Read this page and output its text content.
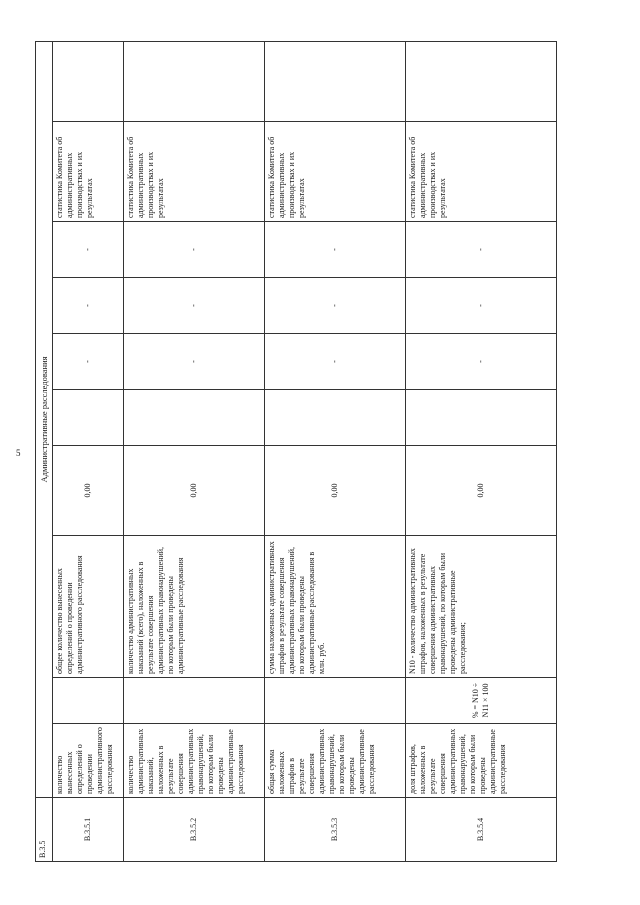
5
B.3.5	Административные расследования									
B.3.5.1	количество вынесенных определений о проведении административного расследования		общее количество вынесенных определений о проведении административного расследования	0,00		-	-	-	статистика Комитета об административных производствах и их результатах	
B.3.5.2	количество административных наказаний, наложенных в результате совершения административных правонарушений, по которым были проведены административные расследования		количество административных наказаний (всего), наложенных в результате совершения административных правонарушений, по которым были проведены административные расследования	0,00		-	-	-	статистика Комитета об административных производствах и их результатах	
B.3.5.3	общая сумма наложенных штрафов в результате совершения административных правонарушений, по которым были проведены административные расследования		сумма наложенных административных штрафов в результате совершения административных правонарушений, по которым были проведены административные расследования в млн. руб.	0,00		-	-	-	статистика Комитета об административных производствах и их результатах	
B.3.5.4	доля штрафов, наложенных в результате совершения административных правонарушений, по которым были проведены административные расследования	% = N10 ÷ N11 × 100	N10 - количество административных штрафов, наложенных в результате совершения административных правонарушений, по которым были проведены административные расследования;	0,00		-	-	-	статистика Комитета об административных производствах и их результатах	
